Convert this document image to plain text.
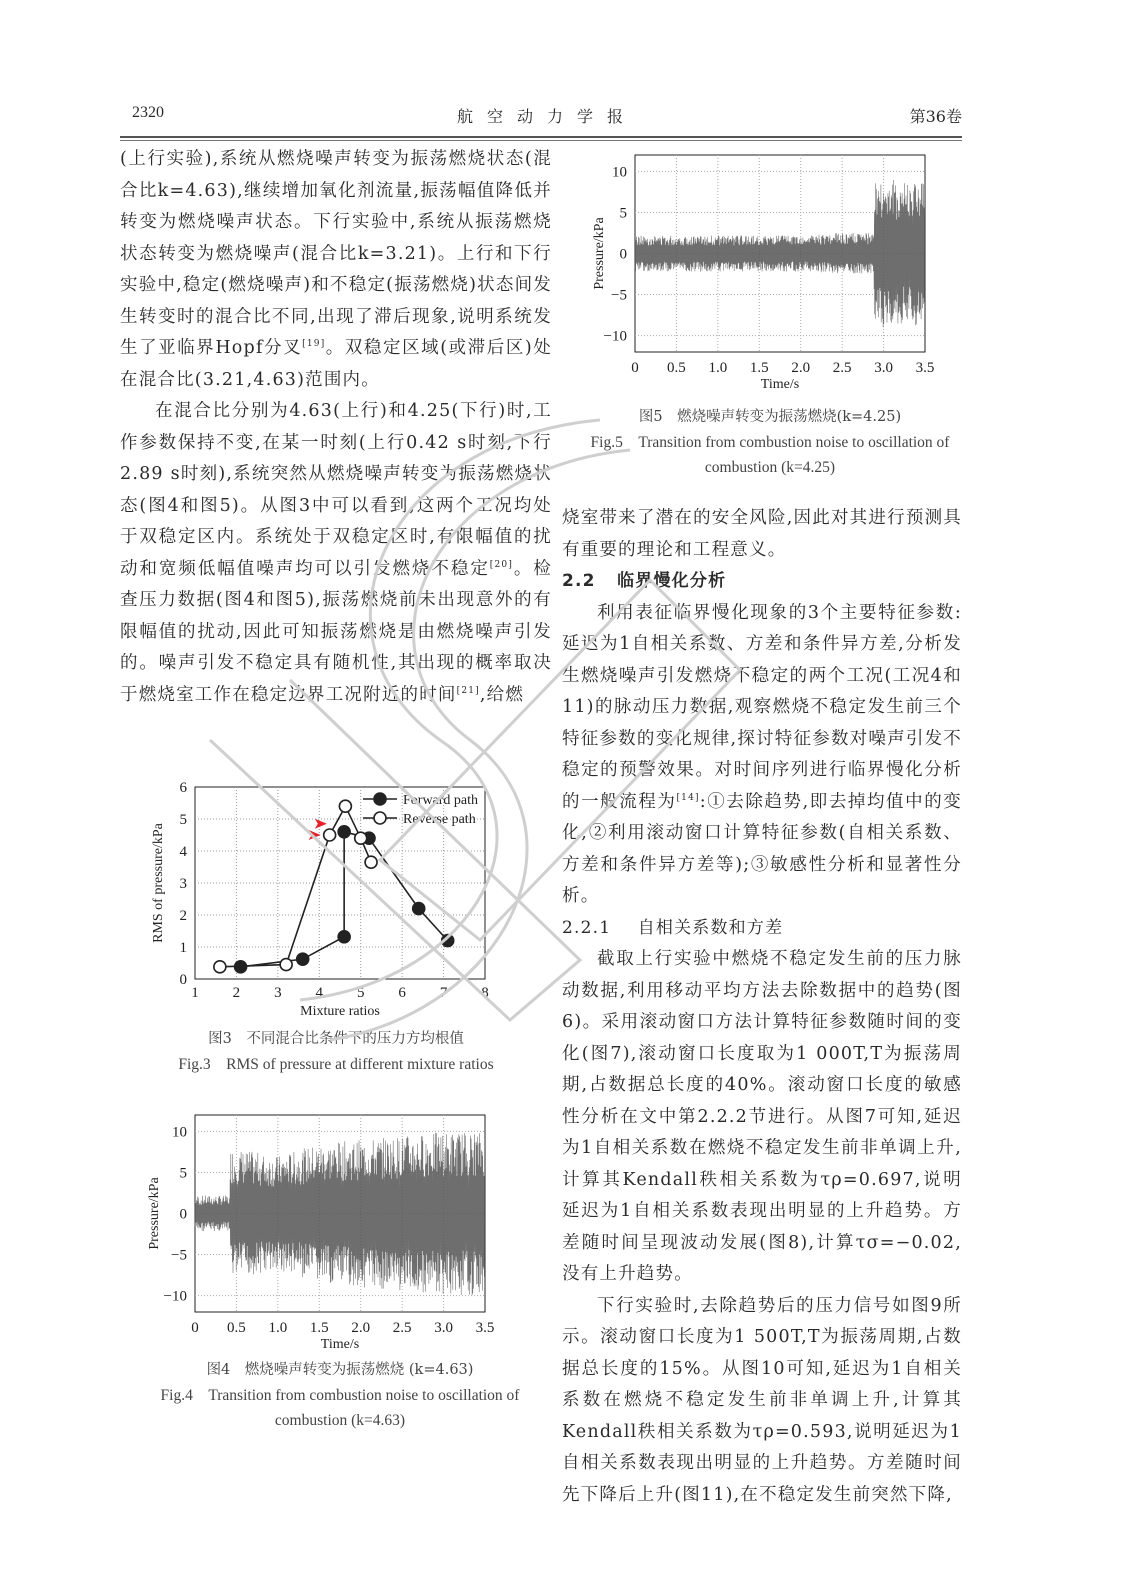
2320	航空动力学报	第36卷

(上行实验),系统从燃烧噪声转变为振荡燃烧状态(混合比k=4.63),继续增加氧化剂流量,振荡幅值降低并转变为燃烧噪声状态。下行实验中,系统从振荡燃烧状态转变为燃烧噪声(混合比k=3.21)。上行和下行实验中,稳定(燃烧噪声)和不稳定(振荡燃烧)状态间发生转变时的混合比不同,出现了滞后现象,说明系统发生了亚临界Hopf分叉[19]。双稳定区域(或滞后区)处在混合比(3.21,4.63)范围内。

在混合比分别为4.63(上行)和4.25(下行)时,工作参数保持不变,在某一时刻(上行0.42 s时刻,下行2.89 s时刻),系统突然从燃烧噪声转变为振荡燃烧状态(图4和图5)。从图3中可以看到,这两个工况均处于双稳定区内。系统处于双稳定区时,有限幅值的扰动和宽频低幅值噪声均可以引发燃烧不稳定[20]。检查压力数据(图4和图5),振荡燃烧前未出现意外的有限幅值的扰动,因此可知振荡燃烧是由燃烧噪声引发的。噪声引发不稳定具有随机性,其出现的概率取决于燃烧室工作在稳定边界工况附近的时间[21],给燃

1 2 3 4 5 6 7 8
0
1
2
3
4
5
6
Mixture ratios
RMS of pressure/kPa
Forward path
Reverse path
图3　不同混合比条件下的压力方均根值
Fig.3　RMS of pressure at different mixture ratios
0 0.5 1.0 1.5 2.0 2.5 3.0 3.5
10
5
0
−5
−10
Time/s
Pressure/kPa
图4　燃烧噪声转变为振荡燃烧 (k=4.63)
Fig.4　Transition from combustion noise to oscillation of combustion (k=4.63)
0 0.5 1.0 1.5 2.0 2.5 3.0 3.5
10
5
0
−5
−10
Time/s
Pressure/kPa
图5　燃烧噪声转变为振荡燃烧(k=4.25)
Fig.5　Transition from combustion noise to oscillation of combustion (k=4.25)

烧室带来了潜在的安全风险,因此对其进行预测具有重要的理论和工程意义。

2.2 临界慢化分析

利用表征临界慢化现象的3个主要特征参数:延迟为1自相关系数、方差和条件异方差,分析发生燃烧噪声引发燃烧不稳定的两个工况(工况4和11)的脉动压力数据,观察燃烧不稳定发生前三个特征参数的变化规律,探讨特征参数对噪声引发不稳定的预警效果。对时间序列进行临界慢化分析的一般流程为[14]:①去除趋势,即去掉均值中的变化;②利用滚动窗口计算特征参数(自相关系数、方差和条件异方差等);③敏感性分析和显著性分析。

2.2.1 自相关系数和方差

截取上行实验中燃烧不稳定发生前的压力脉动数据,利用移动平均方法去除数据中的趋势(图6)。采用滚动窗口方法计算特征参数随时间的变化(图7),滚动窗口长度取为1 000T,T为振荡周期,占数据总长度的40%。滚动窗口长度的敏感性分析在文中第2.2.2节进行。从图7可知,延迟为1自相关系数在燃烧不稳定发生前非单调上升,计算其Kendall秩相关系数为τρ=0.697,说明延迟为1自相关系数表现出明显的上升趋势。方差随时间呈现波动发展(图8),计算τσ=−0.02,没有上升趋势。

下行实验时,去除趋势后的压力信号如图9所示。滚动窗口长度为1 500T,T为振荡周期,占数据总长度的15%。从图10可知,延迟为1自相关系数在燃烧不稳定发生前非单调上升,计算其Kendall秩相关系数为τρ=0.593,说明延迟为1自相关系数表现出明显的上升趋势。方差随时间先下降后上升(图11),在不稳定发生前突然下降,
